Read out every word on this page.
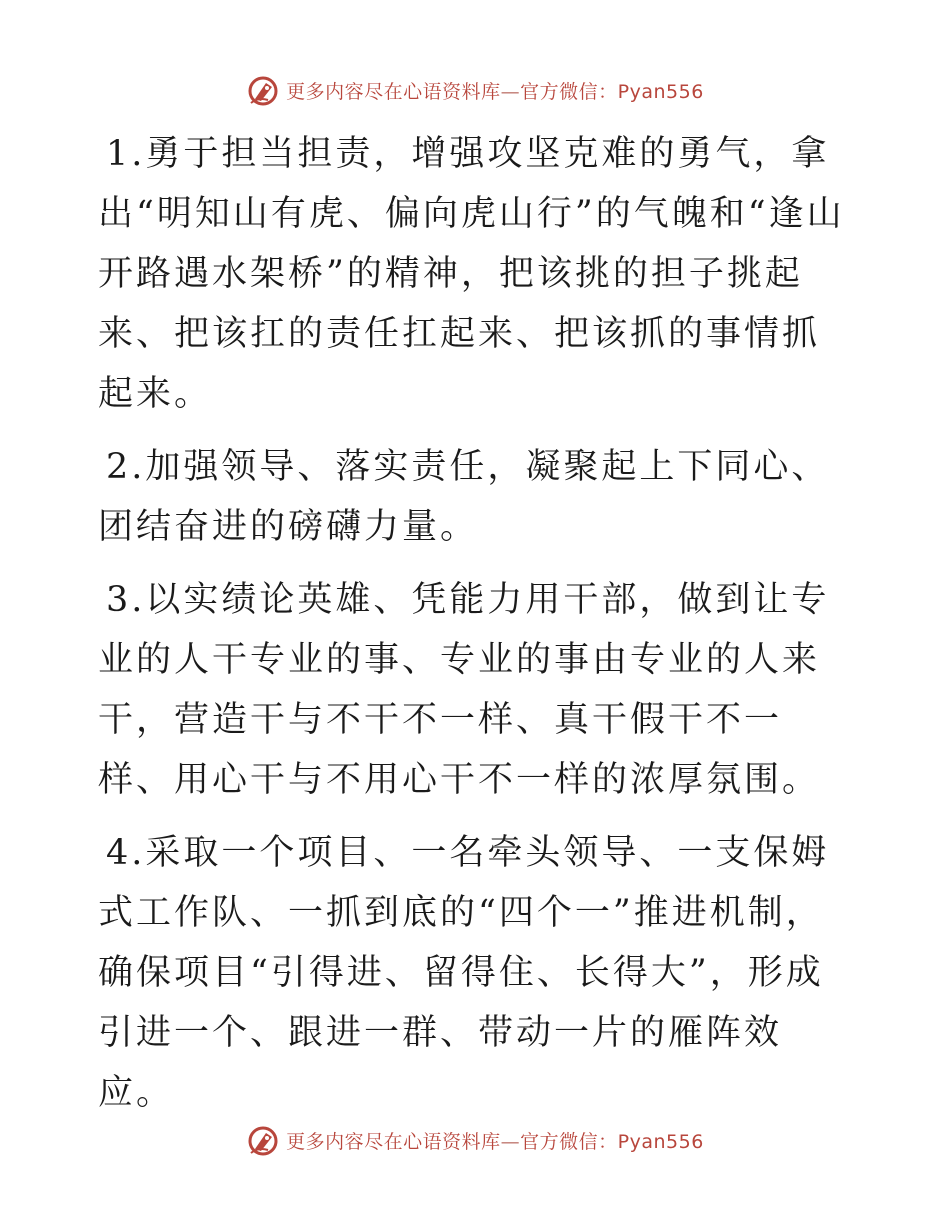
更多内容尽在心语资料库—官方微信：Pyan556

1.勇于担当担责，增强攻坚克难的勇气，拿出“明知山有虎、偏向虎山行”的气魄和“逢山开路遇水架桥”的精神，把该挑的担子挑起来、把该扛的责任扛起来、把该抓的事情抓起来。

2.加强领导、落实责任，凝聚起上下同心、团结奋进的磅礴力量。

3.以实绩论英雄、凭能力用干部，做到让专业的人干专业的事、专业的事由专业的人来干，营造干与不干不一样、真干假干不一样、用心干与不用心干不一样的浓厚氛围。

4.采取一个项目、一名牵头领导、一支保姆式工作队、一抓到底的“四个一”推进机制，确保项目“引得进、留得住、长得大”，形成引进一个、跟进一群、带动一片的雁阵效应。

更多内容尽在心语资料库—官方微信：Pyan556
